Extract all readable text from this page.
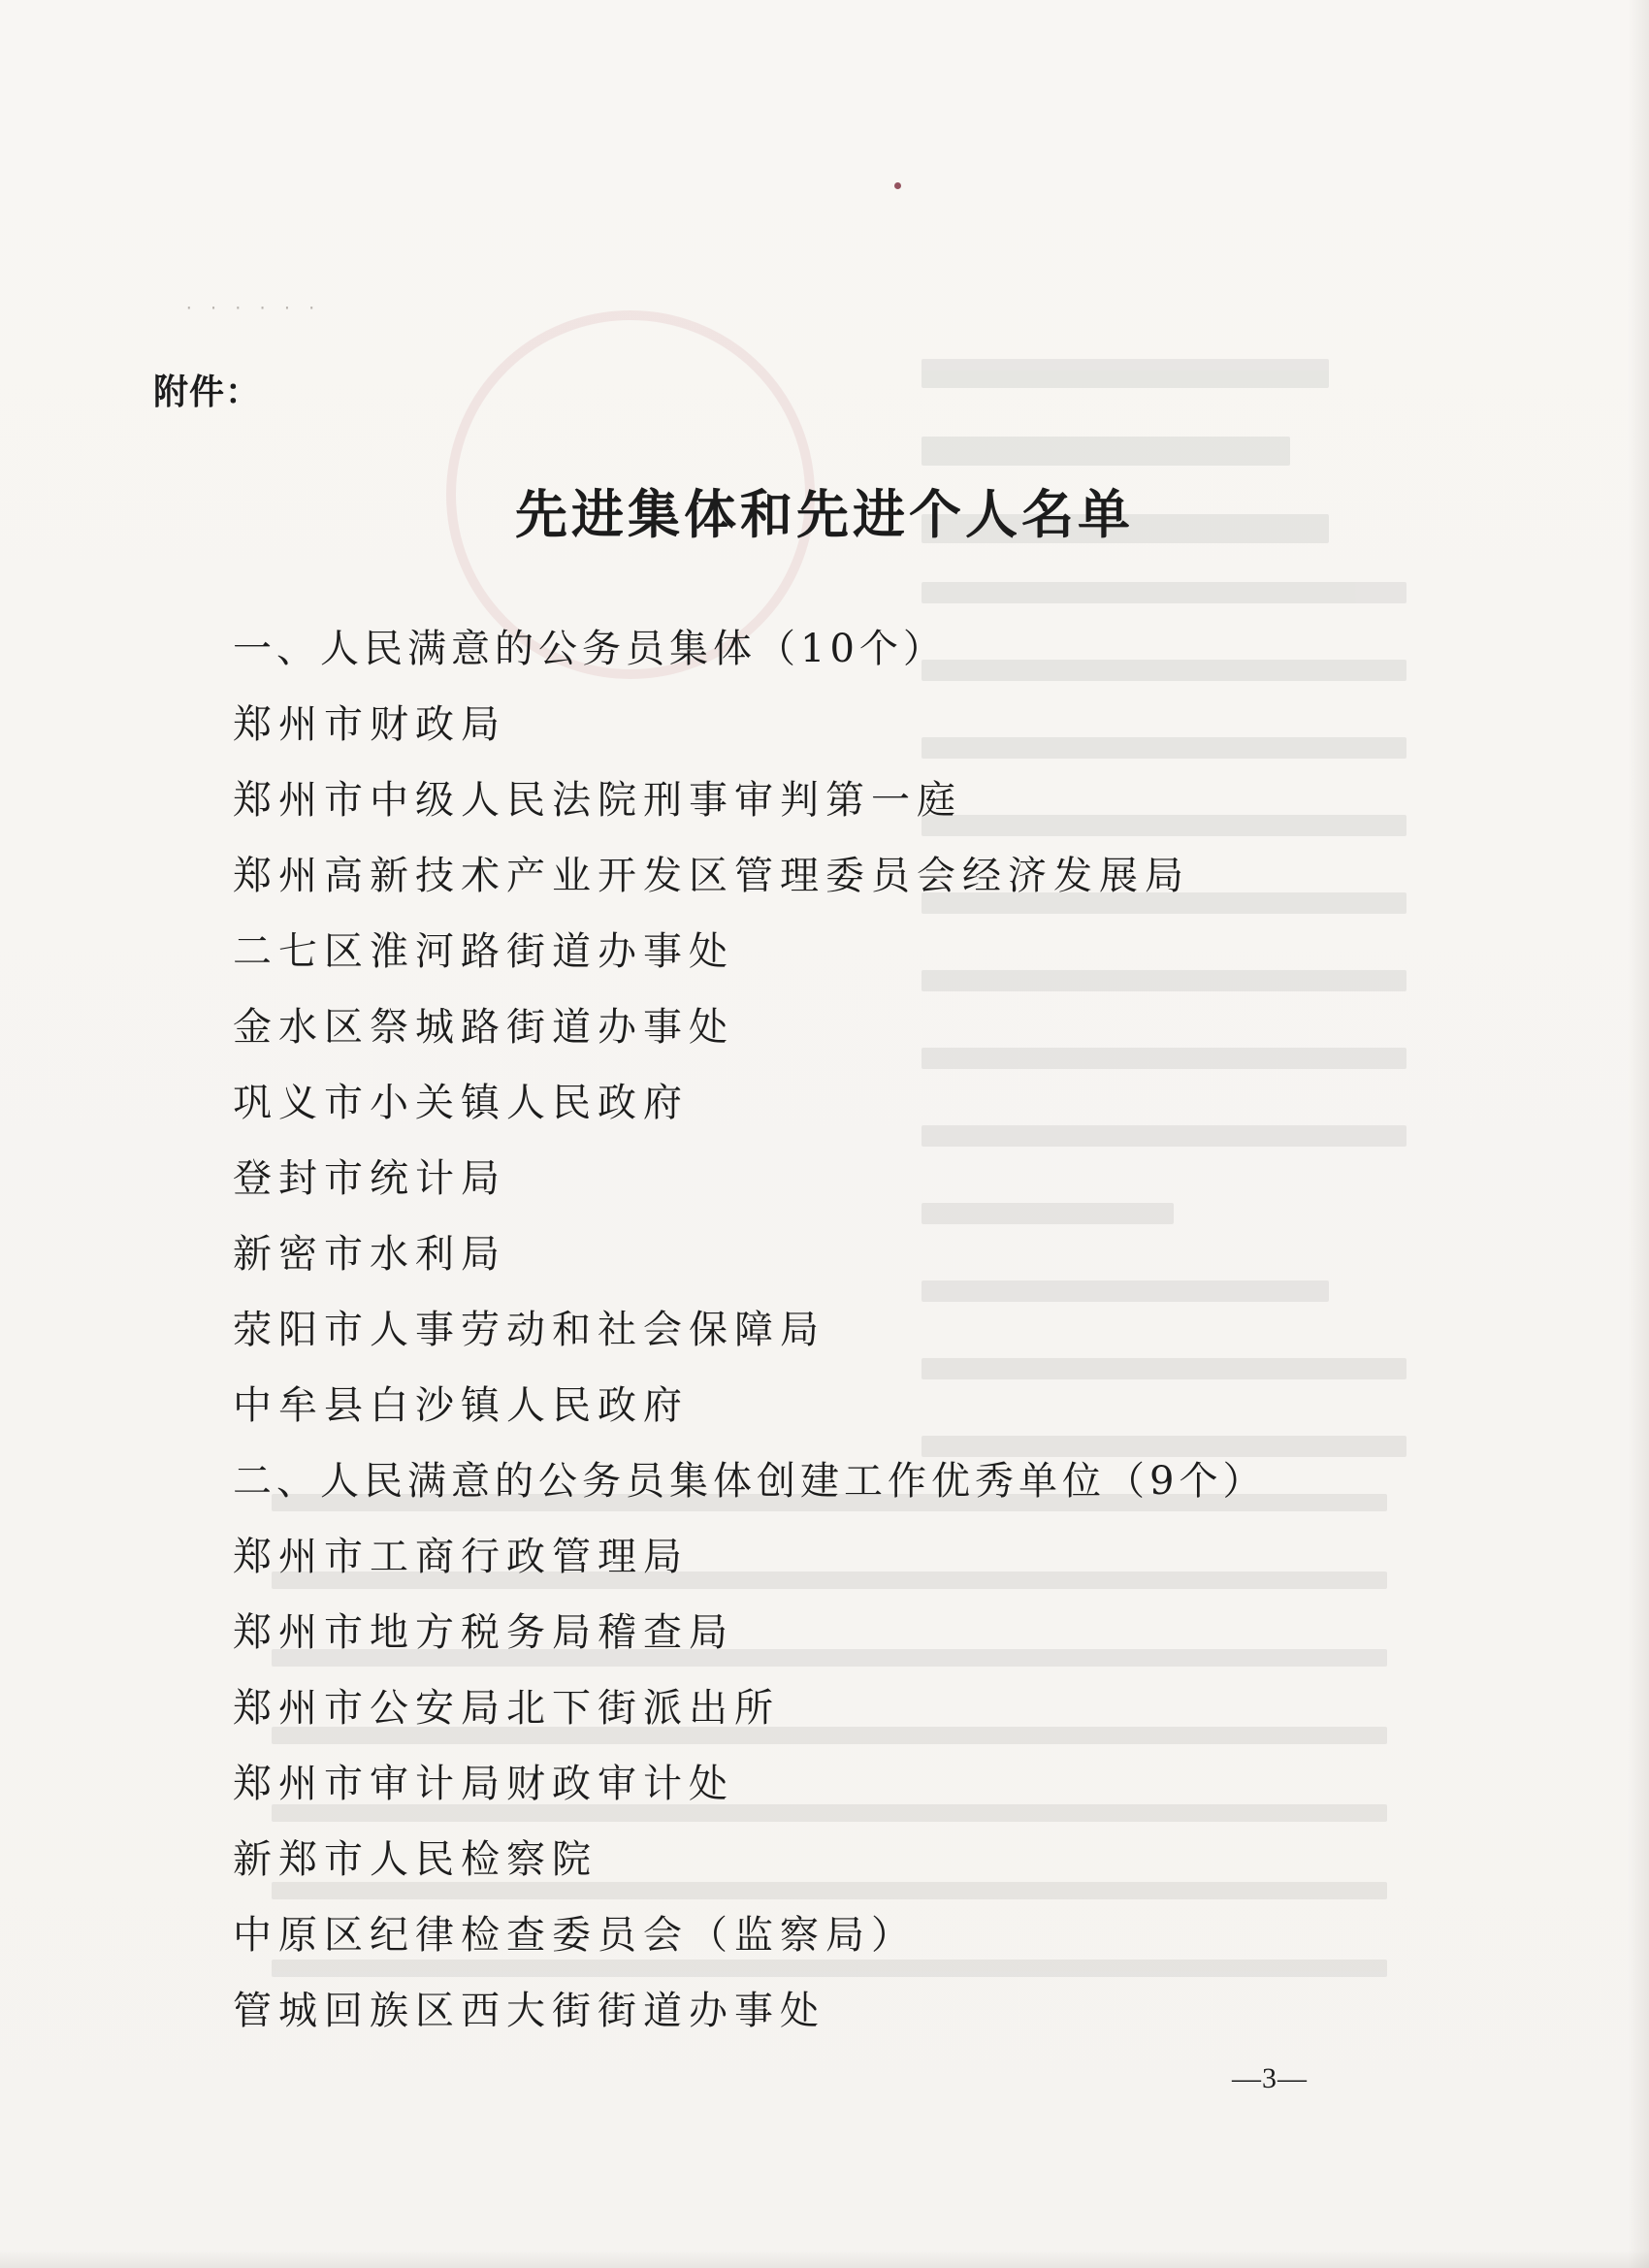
· · · · · ·
附件：
先进集体和先进个人名单
一、人民满意的公务员集体（10个）
郑州市财政局
郑州市中级人民法院刑事审判第一庭
郑州高新技术产业开发区管理委员会经济发展局
二七区淮河路街道办事处
金水区祭城路街道办事处
巩义市小关镇人民政府
登封市统计局
新密市水利局
荥阳市人事劳动和社会保障局
中牟县白沙镇人民政府
二、人民满意的公务员集体创建工作优秀单位（9个）
郑州市工商行政管理局
郑州市地方税务局稽查局
郑州市公安局北下街派出所
郑州市审计局财政审计处
新郑市人民检察院
中原区纪律检查委员会（监察局）
管城回族区西大街街道办事处
—3—
